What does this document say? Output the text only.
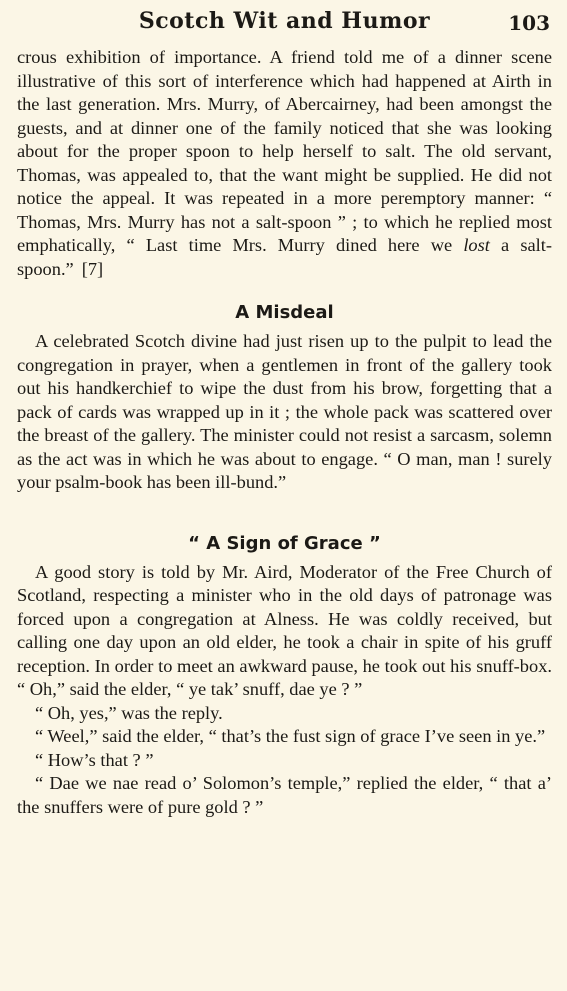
Scotch Wit and Humor	103

crous exhibition of importance. A friend told me of a dinner scene illustrative of this sort of interference which had happened at Airth in the last generation. Mrs. Murry, of Abercairney, had been amongst the guests, and at dinner one of the family noticed that she was looking about for the proper spoon to help herself to salt. The old servant, Thomas, was appealed to, that the want might be supplied. He did not notice the appeal. It was repeated in a more peremptory manner: “ Thomas, Mrs. Murry has not a salt-spoon ” ; to which he replied most emphatically, “ Last time Mrs. Murry dined here we lost a salt-spoon.” [7]

A Misdeal

A celebrated Scotch divine had just risen up to the pulpit to lead the congregation in prayer, when a gentlemen in front of the gallery took out his handkerchief to wipe the dust from his brow, forgetting that a pack of cards was wrapped up in it ; the whole pack was scattered over the breast of the gallery. The minister could not resist a sarcasm, solemn as the act was in which he was about to engage. “ O man, man ! surely your psalm-book has been ill-bund.”

“ A Sign of Grace ”

A good story is told by Mr. Aird, Moderator of the Free Church of Scotland, respecting a minister who in the old days of patronage was forced upon a congregation at Alness. He was coldly received, but calling one day upon an old elder, he took a chair in spite of his gruff reception. In order to meet an awkward pause, he took out his snuff-box. “ Oh,” said the elder, “ ye tak’ snuff, dae ye ? ”

“ Oh, yes,” was the reply.

“ Weel,” said the elder, “ that’s the fust sign of grace I’ve seen in ye.”

“ How’s that ? ”

“ Dae we nae read o’ Solomon’s temple,” replied the elder, “ that a’ the snuffers were of pure gold ? ”
